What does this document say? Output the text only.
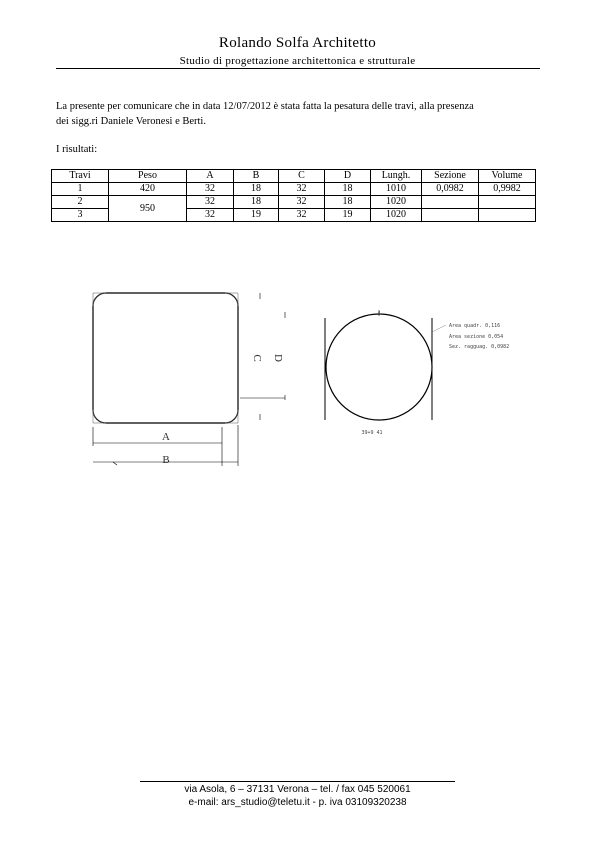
Rolando Solfa Architetto
Studio di progettazione architettonica e strutturale
La presente per comunicare che in data 12/07/2012 è stata fatta la pesatura delle travi, alla presenza
dei sigg.ri Daniele Veronesi e Berti.
I risultati:
Travi	Peso	A	B	C	D	Lungh.	Sezione	Volume
1	420	32	18	32	18	1010	0,0982	0,9982
2	950	32	18	32	18	1020		
3		32	19	32	19	1020		
A
B
C D
4
Area quadr. 0,116
Area sezione 0,054
Sez. ragguag. 0,0982
39+9 41
via Asola, 6 – 37131 Verona – tel. / fax 045 520061
e-mail: ars_studio@teletu.it - p. iva 03109320238
